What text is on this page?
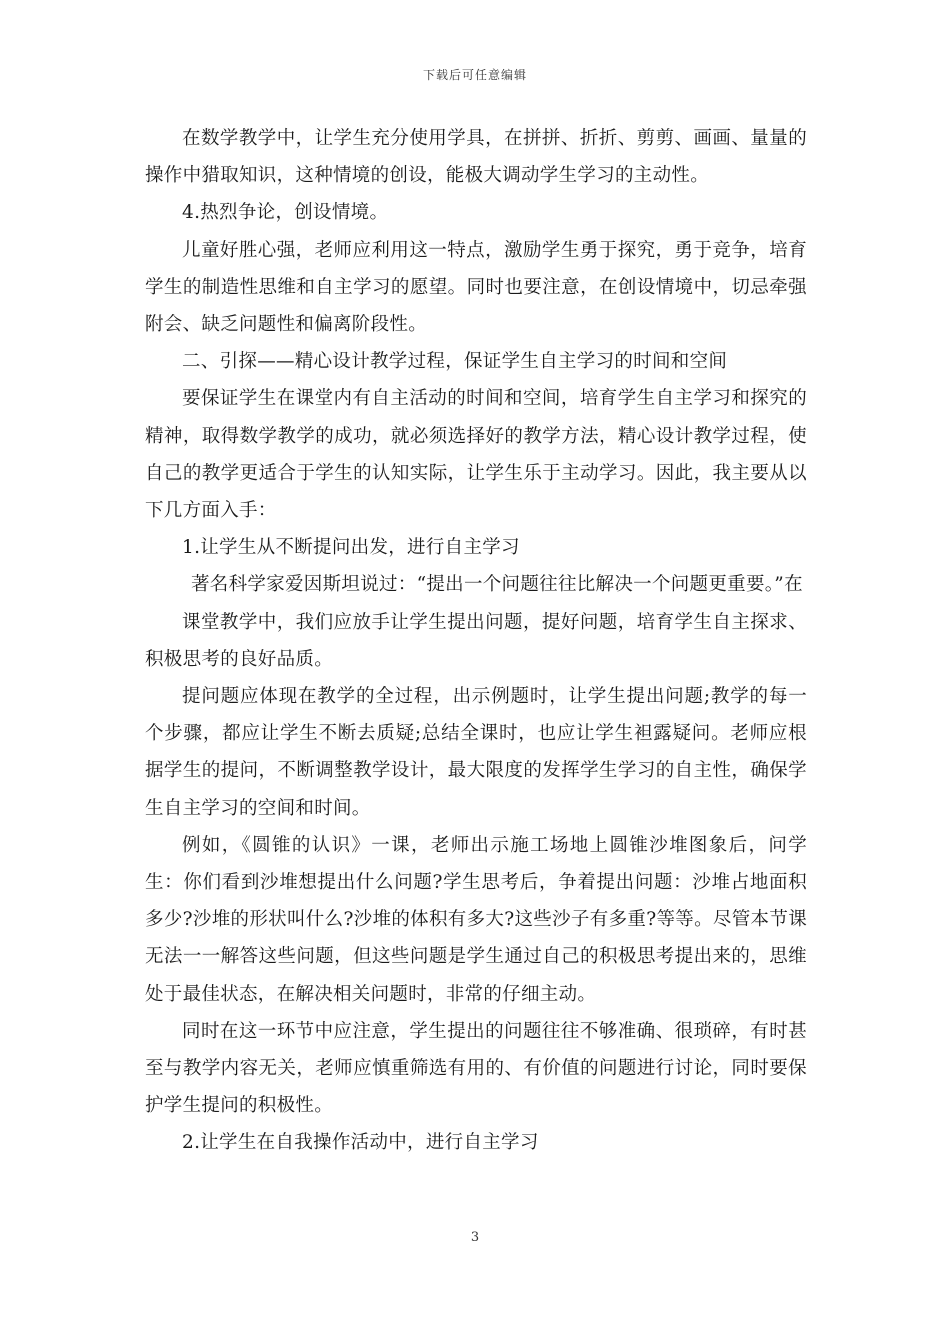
下载后可任意编辑

在数学教学中，让学生充分使用学具，在拼拼、折折、剪剪、画画、量量的操作中猎取知识，这种情境的创设，能极大调动学生学习的主动性。

4.热烈争论，创设情境。

儿童好胜心强，老师应利用这一特点，激励学生勇于探究，勇于竞争，培育学生的制造性思维和自主学习的愿望。同时也要注意，在创设情境中，切忌牵强附会、缺乏问题性和偏离阶段性。

二、引探——精心设计教学过程，保证学生自主学习的时间和空间

要保证学生在课堂内有自主活动的时间和空间，培育学生自主学习和探究的精神，取得数学教学的成功，就必须选择好的教学方法，精心设计教学过程，使自己的教学更适合于学生的认知实际，让学生乐于主动学习。因此，我主要从以下几方面入手：

1.让学生从不断提问出发，进行自主学习

著名科学家爱因斯坦说过：“提出一个问题往往比解决一个问题更重要。”在

课堂教学中，我们应放手让学生提出问题，提好问题，培育学生自主探求、积极思考的良好品质。

提问题应体现在教学的全过程，出示例题时，让学生提出问题;教学的每一个步骤，都应让学生不断去质疑;总结全课时，也应让学生袒露疑问。老师应根据学生的提问，不断调整教学设计，最大限度的发挥学生学习的自主性，确保学生自主学习的空间和时间。

例如，《圆锥的认识》一课，老师出示施工场地上圆锥沙堆图象后，问学生：你们看到沙堆想提出什么问题?学生思考后，争着提出问题：沙堆占地面积多少?沙堆的形状叫什么?沙堆的体积有多大?这些沙子有多重?等等。尽管本节课无法一一解答这些问题，但这些问题是学生通过自己的积极思考提出来的，思维处于最佳状态，在解决相关问题时，非常的仔细主动。

同时在这一环节中应注意，学生提出的问题往往不够准确、很琐碎，有时甚至与教学内容无关，老师应慎重筛选有用的、有价值的问题进行讨论，同时要保护学生提问的积极性。

2.让学生在自我操作活动中，进行自主学习

3
